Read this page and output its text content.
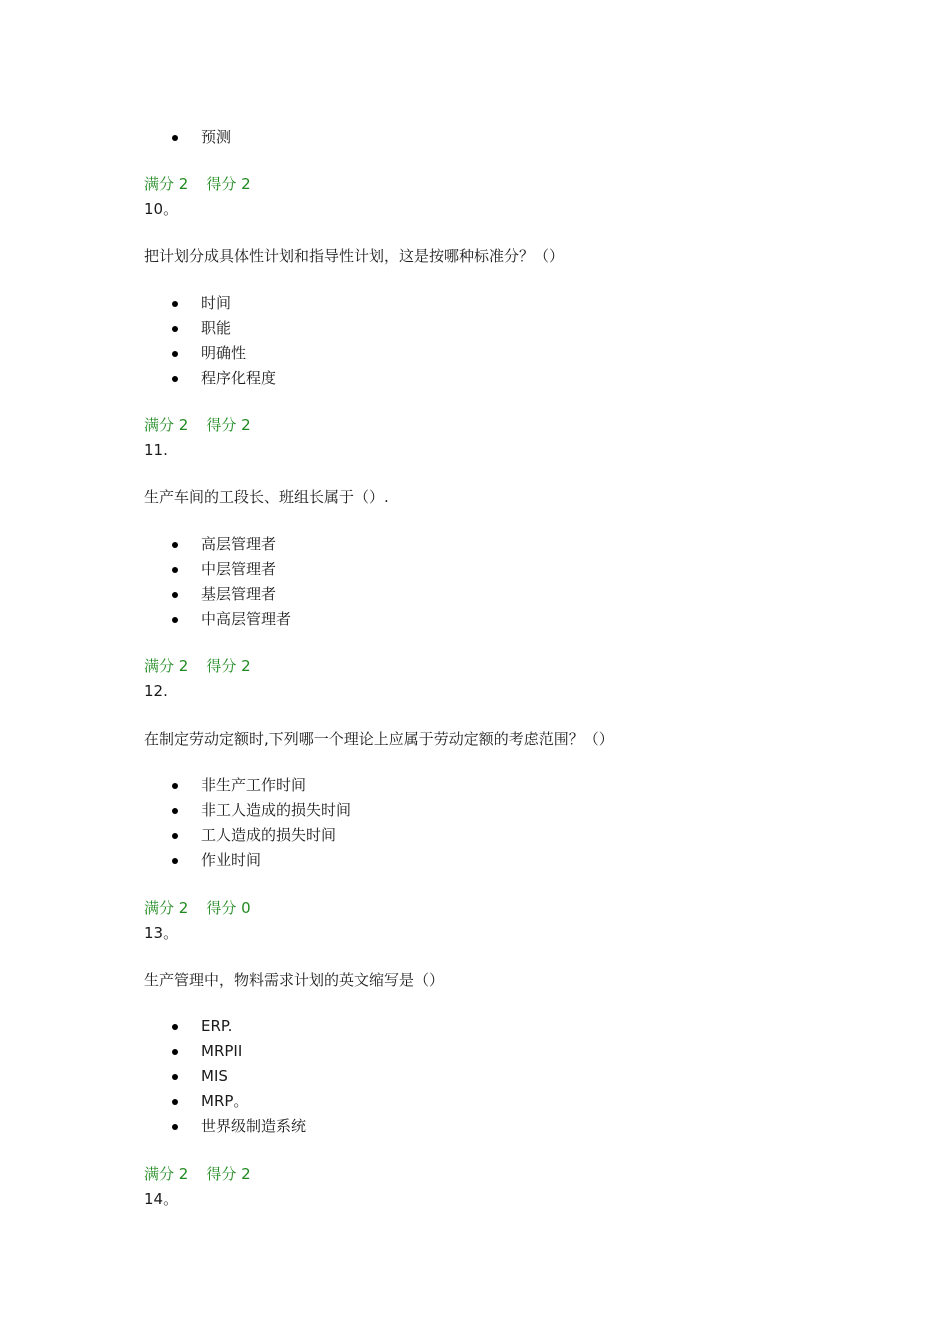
预测
满分 2 得分 2
10。
把计划分成具体性计划和指导性计划，这是按哪种标准分？（）
时间
职能
明确性
程序化程度
满分 2 得分 2
11.
生产车间的工段长、班组长属于（）.
高层管理者
中层管理者
基层管理者
中高层管理者
满分 2 得分 2
12.
在制定劳动定额时,下列哪一个理论上应属于劳动定额的考虑范围？（）
非生产工作时间
非工人造成的损失时间
工人造成的损失时间
作业时间
满分 2 得分 0
13。
生产管理中，物料需求计划的英文缩写是（）
ERP.
MRPII
MIS
MRP。
世界级制造系统
满分 2 得分 2
14。
